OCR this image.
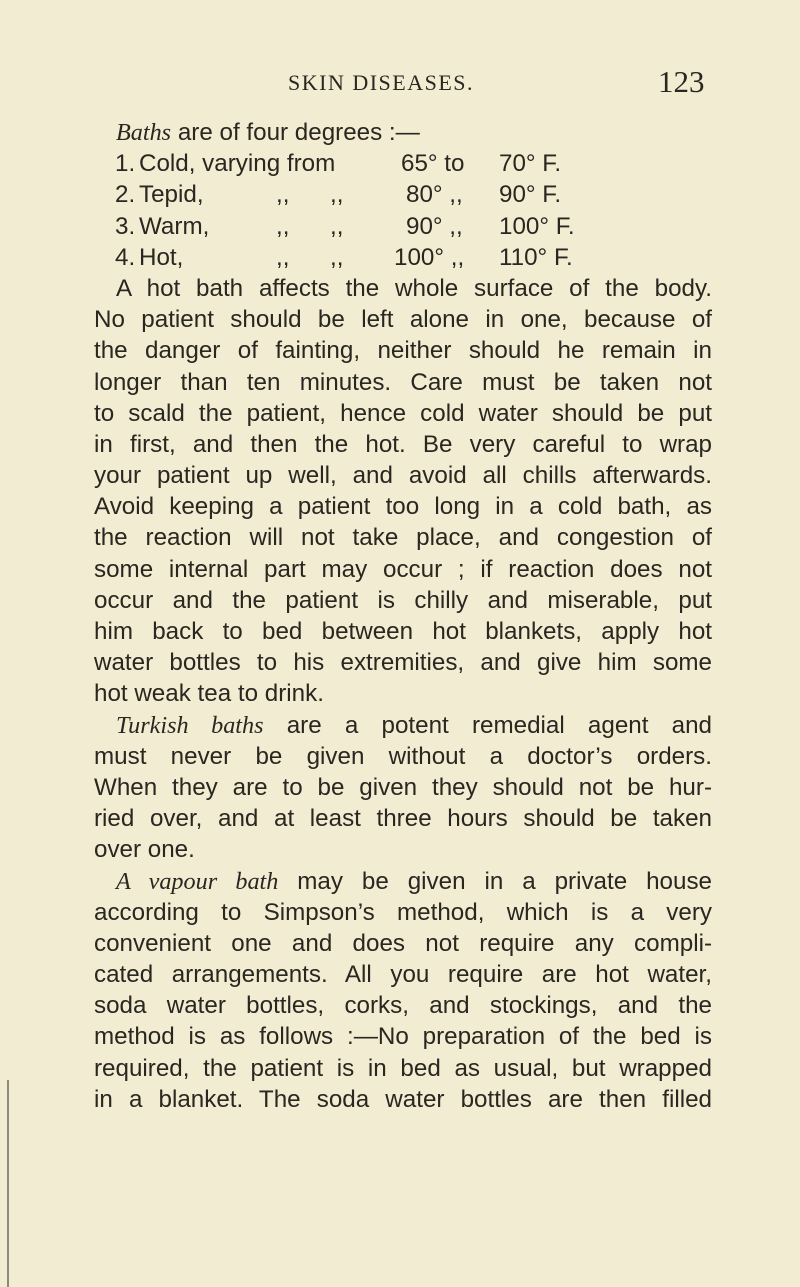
SKIN DISEASES.	123
Baths are of four degrees :—
1. Cold, varying from	65° to 70° F.
2. Tepid,	,, ,,	80° ,, 90° F.
3. Warm,	,, ,,	90° ,, 100° F.
4. Hot,	,, ,, 100° ,, 110° F.
A hot bath affects the whole surface of the body.
No patient should be left alone in one, because of
the danger of fainting, neither should he remain in
longer than ten minutes. Care must be taken not
to scald the patient, hence cold water should be put
in first, and then the hot. Be very careful to wrap
your patient up well, and avoid all chills afterwards.
Avoid keeping a patient too long in a cold bath, as
the reaction will not take place, and congestion of
some internal part may occur ; if reaction does not
occur and the patient is chilly and miserable, put
him back to bed between hot blankets, apply hot
water bottles to his extremities, and give him some
hot weak tea to drink.
Turkish baths are a potent remedial agent and
must never be given without a doctor’s orders.
When they are to be given they should not be hur-
ried over, and at least three hours should be taken
over one.
A vapour bath may be given in a private house
according to Simpson’s method, which is a very
convenient one and does not require any compli-
cated arrangements. All you require are hot water,
soda water bottles, corks, and stockings, and the
method is as follows :—No preparation of the bed is
required, the patient is in bed as usual, but wrapped
in a blanket. The soda water bottles are then filled
